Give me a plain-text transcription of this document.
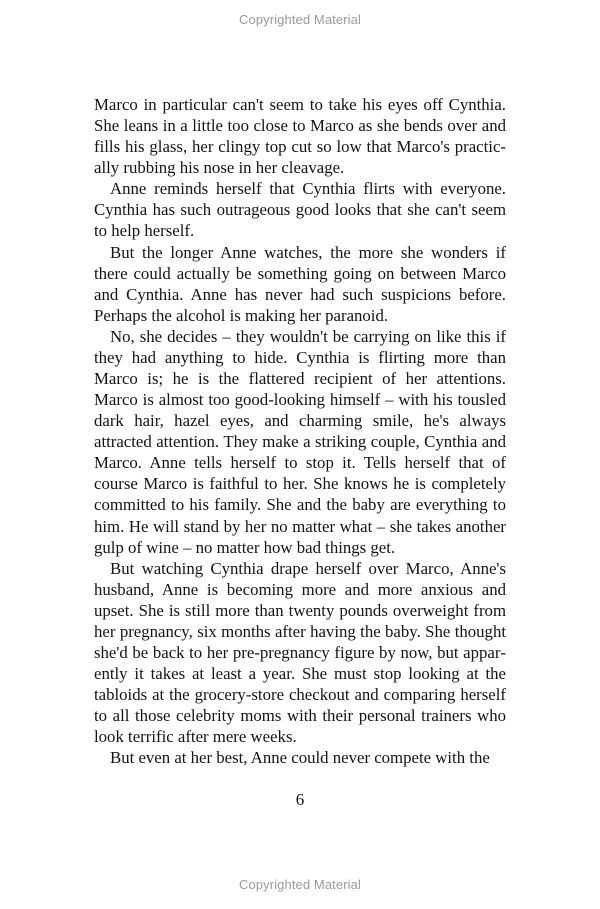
Copyrighted Material

Marco in particular can't seem to take his eyes off Cynthia. She leans in a little too close to Marco as she bends over and fills his glass, her clingy top cut so low that Marco's practically rubbing his nose in her cleavage.

Anne reminds herself that Cynthia flirts with everyone. Cynthia has such outrageous good looks that she can't seem to help herself.

But the longer Anne watches, the more she wonders if there could actually be something going on between Marco and Cynthia. Anne has never had such suspicions before. Perhaps the alcohol is making her paranoid.

No, she decides – they wouldn't be carrying on like this if they had anything to hide. Cynthia is flirting more than Marco is; he is the flattered recipient of her attentions. Marco is almost too good-looking himself – with his tousled dark hair, hazel eyes, and charming smile, he's always attracted attention. They make a striking couple, Cynthia and Marco. Anne tells herself to stop it. Tells herself that of course Marco is faithful to her. She knows he is completely committed to his family. She and the baby are everything to him. He will stand by her no matter what – she takes another gulp of wine – no matter how bad things get.

But watching Cynthia drape herself over Marco, Anne's husband, Anne is becoming more and more anxious and upset. She is still more than twenty pounds overweight from her pregnancy, six months after having the baby. She thought she'd be back to her pre-pregnancy figure by now, but apparently it takes at least a year. She must stop looking at the tabloids at the grocery-store checkout and comparing herself to all those celebrity moms with their personal trainers who look terrific after mere weeks.

But even at her best, Anne could never compete with the

6
Copyrighted Material
